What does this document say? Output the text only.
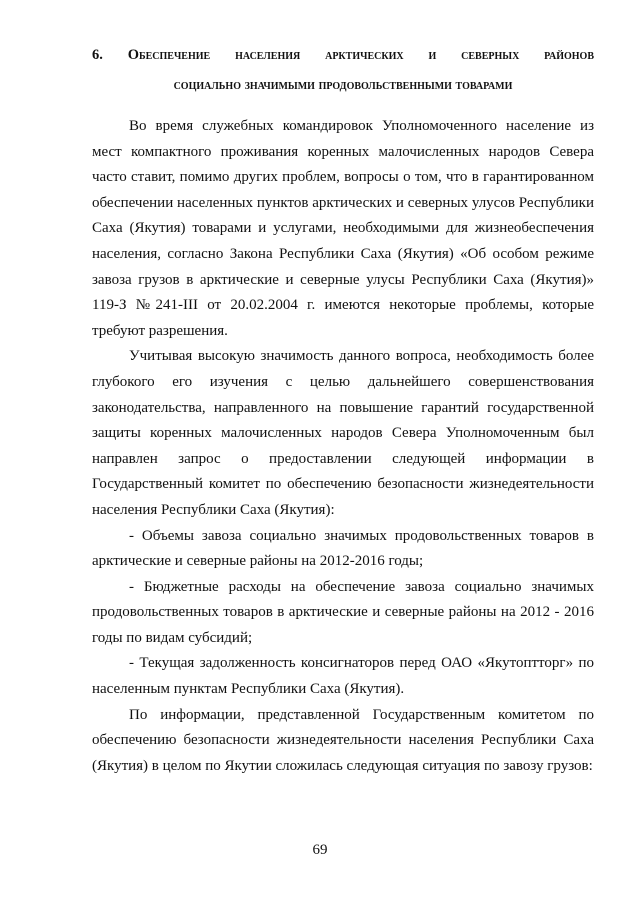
6. Обеспечение населения арктических и северных районов
социально значимыми продовольственными товарами

Во время служебных командировок Уполномоченного население из мест компактного проживания коренных малочисленных народов Севера часто ставит, помимо других проблем, вопросы о том, что в гарантированном обеспечении населенных пунктов арктических и северных улусов Республики Саха (Якутия) товарами и услугами, необходимыми для жизнеобеспечения населения, согласно Закона Республики Саха (Якутия) «Об особом режиме завоза грузов в арктические и северные улусы Республики Саха (Якутия)» 119-З №241-III от 20.02.2004 г. имеются некоторые проблемы, которые требуют разрешения.

Учитывая высокую значимость данного вопроса, необходимость более глубокого его изучения с целью дальнейшего совершенствования законодательства, направленного на повышение гарантий государственной защиты коренных малочисленных народов Севера Уполномоченным был направлен запрос о предоставлении следующей информации в Государственный комитет по обеспечению безопасности жизнедеятельности населения Республики Саха (Якутия):

- Объемы завоза социально значимых продовольственных товаров в арктические и северные районы на 2012-2016 годы;

- Бюджетные расходы на обеспечение завоза социально значимых продовольственных товаров в арктические и северные районы на 2012 - 2016 годы по видам субсидий;

- Текущая задолженность консигнаторов перед ОАО «Якутоптторг» по населенным пунктам Республики Саха (Якутия).

По информации, представленной Государственным комитетом по обеспечению безопасности жизнедеятельности населения Республики Саха (Якутия) в целом по Якутии сложилась следующая ситуация по завозу грузов:

69
